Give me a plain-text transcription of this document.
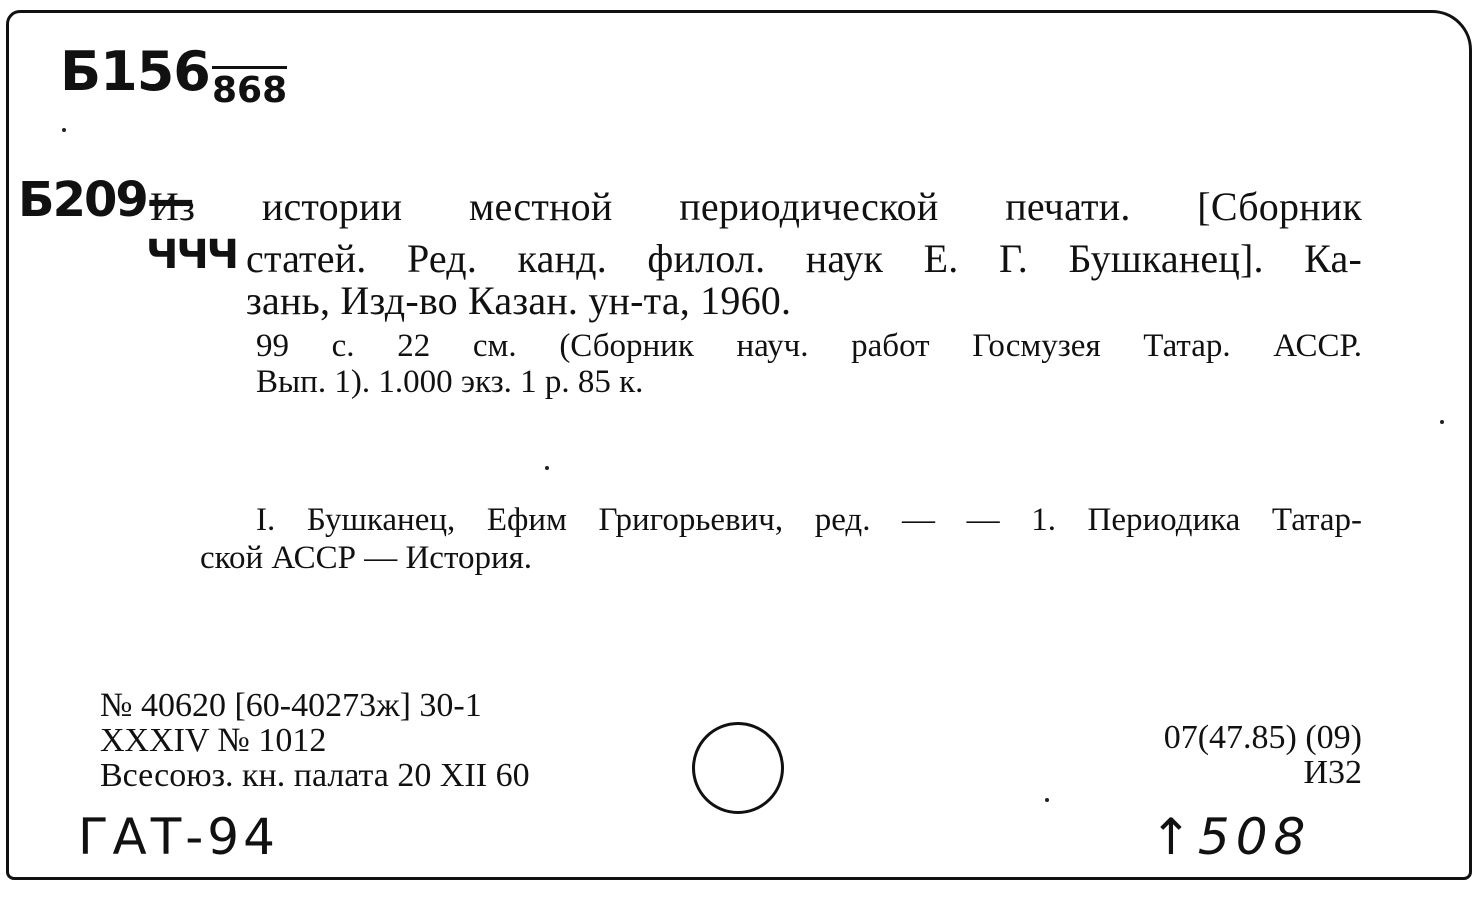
Б156 868
Б209—
ЧЧЧ
Из истории местной периодической печати. [Сборник
статей. Ред. канд. филол. наук Е. Г. Бушканец]. Ка-
зань, Изд-во Казан. ун-та, 1960.
99 с. 22 см. (Сборник науч. работ Госмузея Татар. АССР.
Вып. 1). 1.000 экз. 1 р. 85 к.
I. Бушканец, Ефим Григорьевич, ред. — — 1. Периодика Татар-
ской АССР — История.
№ 40620 [60-40273ж] 30-1
XXXIV № 1012
Всесоюз. кн. палата 20 XII 60
07(47.85) (09)
И32
ГАТ-94	↑508
